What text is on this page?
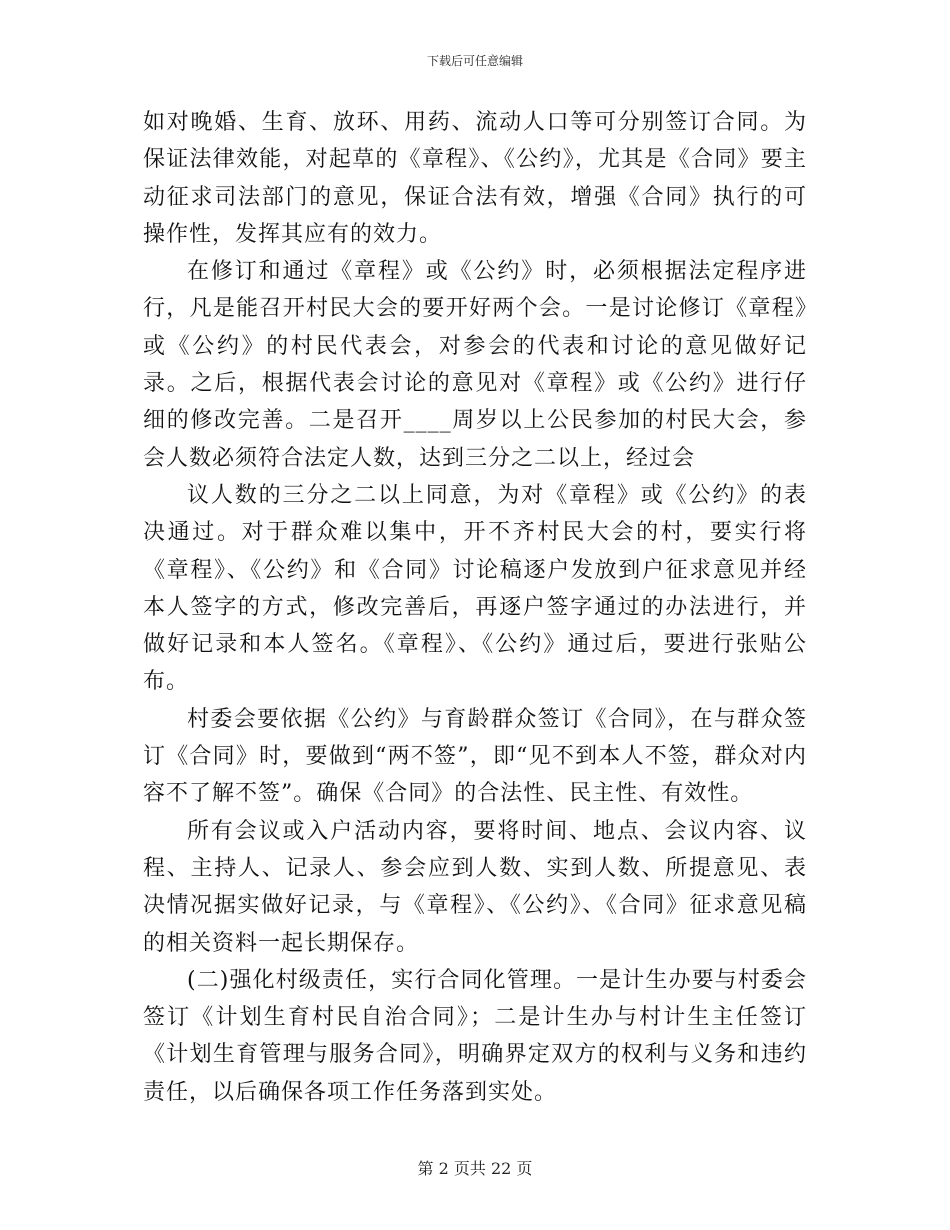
下载后可任意编辑

如对晚婚、生育、放环、用药、流动人口等可分别签订合同。为保证法律效能，对起草的《章程》、《公约》，尤其是《合同》要主动征求司法部门的意见，保证合法有效，增强《合同》执行的可操作性，发挥其应有的效力。

在修订和通过《章程》或《公约》时，必须根据法定程序进行，凡是能召开村民大会的要开好两个会。一是讨论修订《章程》或《公约》的村民代表会，对参会的代表和讨论的意见做好记录。之后，根据代表会讨论的意见对《章程》或《公约》进行仔细的修改完善。二是召开____周岁以上公民参加的村民大会，参会人数必须符合法定人数，达到三分之二以上，经过会

议人数的三分之二以上同意，为对《章程》或《公约》的表决通过。对于群众难以集中，开不齐村民大会的村，要实行将《章程》、《公约》和《合同》讨论稿逐户发放到户征求意见并经本人签字的方式，修改完善后，再逐户签字通过的办法进行，并做好记录和本人签名。《章程》、《公约》通过后，要进行张贴公布。

村委会要依据《公约》与育龄群众签订《合同》，在与群众签订《合同》时，要做到“两不签”，即“见不到本人不签，群众对内容不了解不签”。确保《合同》的合法性、民主性、有效性。

所有会议或入户活动内容，要将时间、地点、会议内容、议程、主持人、记录人、参会应到人数、实到人数、所提意见、表决情况据实做好记录，与《章程》、《公约》、《合同》征求意见稿的相关资料一起长期保存。

(二)强化村级责任，实行合同化管理。一是计生办要与村委会签订《计划生育村民自治合同》；二是计生办与村计生主任签订《计划生育管理与服务合同》，明确界定双方的权利与义务和违约责任，以后确保各项工作任务落到实处。

第 2 页共 22 页
